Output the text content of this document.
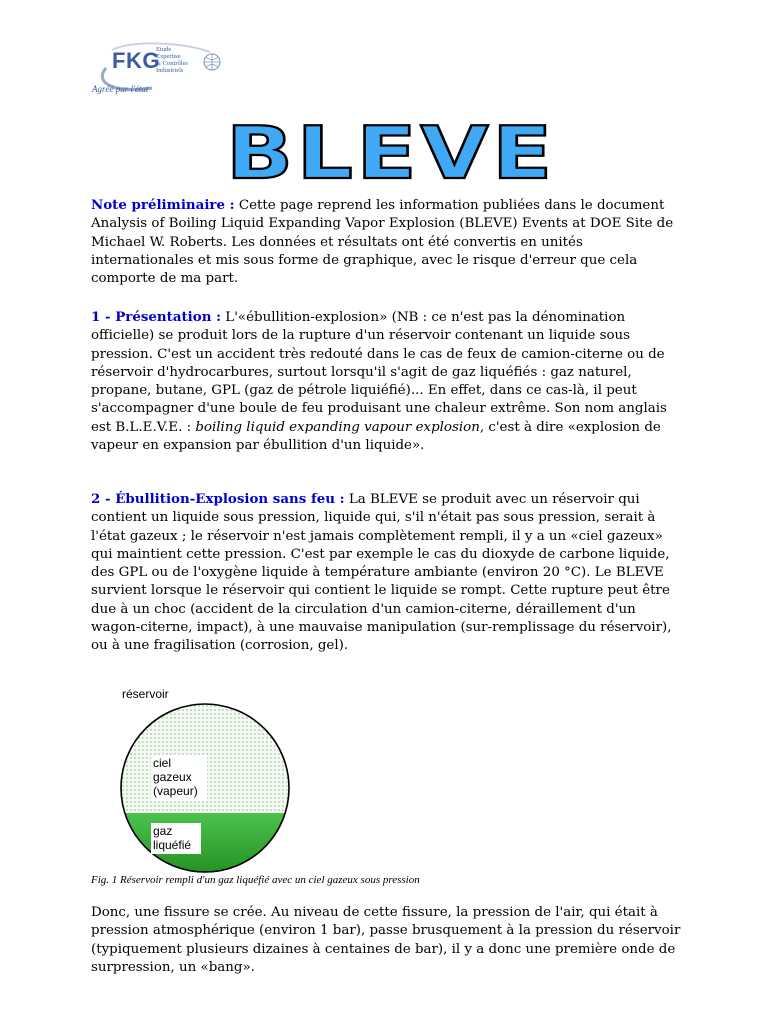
FKG
Etude
Expertise
& Contrôles
Industriels
Agréé par l'état
BLEVE
Note préliminaire : Cette page reprend les information publiées dans le document Analysis of Boiling Liquid Expanding Vapor Explosion (BLEVE) Events at DOE Site de Michael W. Roberts. Les données et résultats ont été convertis en unités internationales et mis sous forme de graphique, avec le risque d'erreur que cela comporte de ma part.
1 - Présentation : L'«ébullition-explosion» (NB : ce n'est pas la dénomination officielle) se produit lors de la rupture d'un réservoir contenant un liquide sous pression. C'est un accident très redouté dans le cas de feux de camion-citerne ou de réservoir d'hydrocarbures, surtout lorsqu'il s'agit de gaz liquéfiés : gaz naturel, propane, butane, GPL (gaz de pétrole liquiéfié)... En effet, dans ce cas-là, il peut s'accompagner d'une boule de feu produisant une chaleur extrême. Son nom anglais est B.L.E.V.E. : boiling liquid expanding vapour explosion, c'est à dire «explosion de vapeur en expansion par ébullition d'un liquide».
2 - Ébullition-Explosion sans feu : La BLEVE se produit avec un réservoir qui contient un liquide sous pression, liquide qui, s'il n'était pas sous pression, serait à l'état gazeux ; le réservoir n'est jamais complètement rempli, il y a un «ciel gazeux» qui maintient cette pression. C'est par exemple le cas du dioxyde de carbone liquide, des GPL ou de l'oxygène liquide à température ambiante (environ 20 °C). Le BLEVE survient lorsque le réservoir qui contient le liquide se rompt. Cette rupture peut être due à un choc (accident de la circulation d'un camion-citerne, déraillement d'un wagon-citerne, impact), à une mauvaise manipulation (sur-remplissage du réservoir), ou à une fragilisation (corrosion, gel).
réservoir
ciel gazeux (vapeur)
gaz liquéfié
Fig. 1 Réservoir rempli d'un gaz liquéfié avec un ciel gazeux sous pression
Donc, une fissure se crée. Au niveau de cette fissure, la pression de l'air, qui était à pression atmosphérique (environ 1 bar), passe brusquement à la pression du réservoir (typiquement plusieurs dizaines à centaines de bar), il y a donc une première onde de surpression, un «bang».
